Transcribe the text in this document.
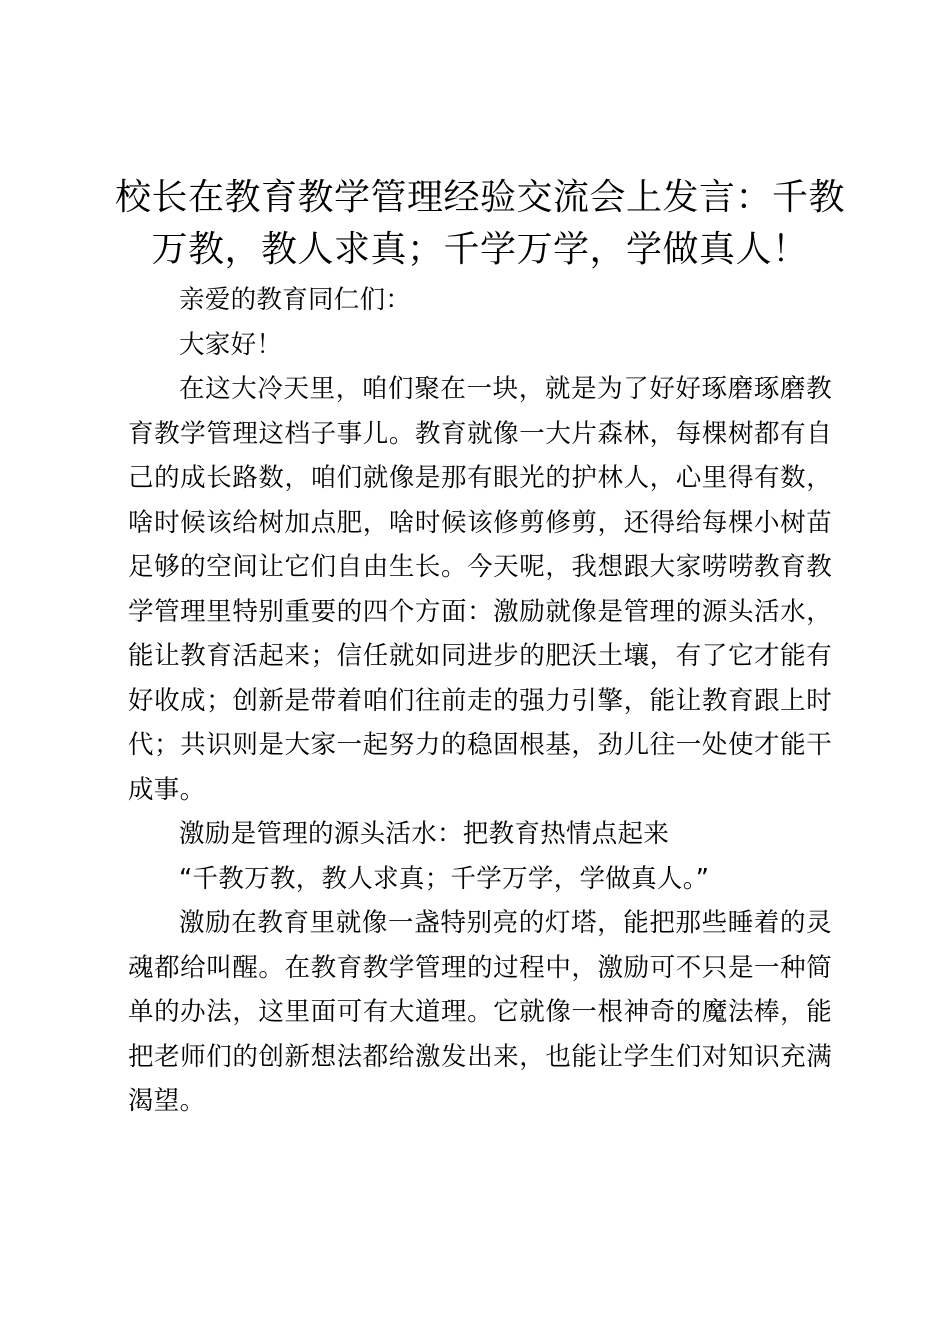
校长在教育教学管理经验交流会上发言：千教万教，教人求真；千学万学，学做真人！

亲爱的教育同仁们：

大家好！

在这大冷天里，咱们聚在一块，就是为了好好琢磨琢磨教育教学管理这档子事儿。教育就像一大片森林，每棵树都有自己的成长路数，咱们就像是那有眼光的护林人，心里得有数，啥时候该给树加点肥，啥时候该修剪修剪，还得给每棵小树苗足够的空间让它们自由生长。今天呢，我想跟大家唠唠教育教学管理里特别重要的四个方面：激励就像是管理的源头活水，能让教育活起来；信任就如同进步的肥沃土壤，有了它才能有好收成；创新是带着咱们往前走的强力引擎，能让教育跟上时代；共识则是大家一起努力的稳固根基，劲儿往一处使才能干成事。

激励是管理的源头活水：把教育热情点起来

“千教万教，教人求真；千学万学，学做真人。”

激励在教育里就像一盏特别亮的灯塔，能把那些睡着的灵魂都给叫醒。在教育教学管理的过程中，激励可不只是一种简单的办法，这里面可有大道理。它就像一根神奇的魔法棒，能把老师们的创新想法都给激发出来，也能让学生们对知识充满渴望。
